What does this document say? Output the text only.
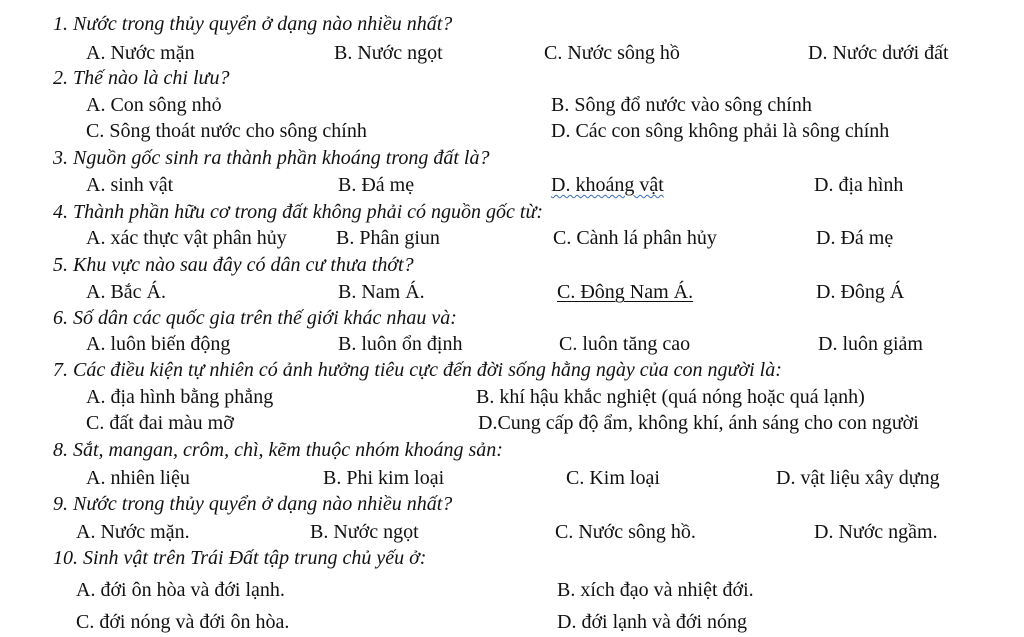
1. Nước trong thủy quyển ở dạng nào nhiều nhất?
A. Nước mặn	B. Nước ngọt	C. Nước sông hồ	D. Nước dưới đất
2. Thế nào là chi lưu?
A. Con sông nhỏ	B. Sông đổ nước vào sông chính
C. Sông thoát nước cho sông chính	D. Các con sông không phải là sông chính
3. Nguồn gốc sinh ra thành phần khoáng trong đất là?
A. sinh vật	B. Đá mẹ	D. khoáng vật	D. địa hình
4. Thành phần hữu cơ trong đất không phải có nguồn gốc từ:
A. xác thực vật phân hủy B. Phân giun	C. Cành lá phân hủy	D. Đá mẹ
5. Khu vực nào sau đây có dân cư thưa thớt?
A. Bắc Á.	B. Nam Á.	C. Đông Nam Á.	D. Đông Á
6. Số dân các quốc gia trên thế giới khác nhau và:
A. luôn biến động	B. luôn ổn định	C. luôn tăng cao	D. luôn giảm
7. Các điều kiện tự nhiên có ảnh hưởng tiêu cực đến đời sống hằng ngày của con người là:
A. địa hình bằng phẳng	B. khí hậu khắc nghiệt (quá nóng hoặc quá lạnh)
C. đất đai màu mỡ	D.Cung cấp độ ẩm, không khí, ánh sáng cho con người
8. Sắt, mangan, crôm, chì, kẽm thuộc nhóm khoáng sản:
A. nhiên liệu	B. Phi kim loại	C. Kim loại	D. vật liệu xây dựng
9. Nước trong thủy quyển ở dạng nào nhiều nhất?
A. Nước mặn.	B. Nước ngọt	C. Nước sông hồ.	D. Nước ngầm.
10. Sinh vật trên Trái Đất tập trung chủ yếu ở:
A. đới ôn hòa và đới lạnh.	B. xích đạo và nhiệt đới.
C. đới nóng và đới ôn hòa.	D. đới lạnh và đới nóng
